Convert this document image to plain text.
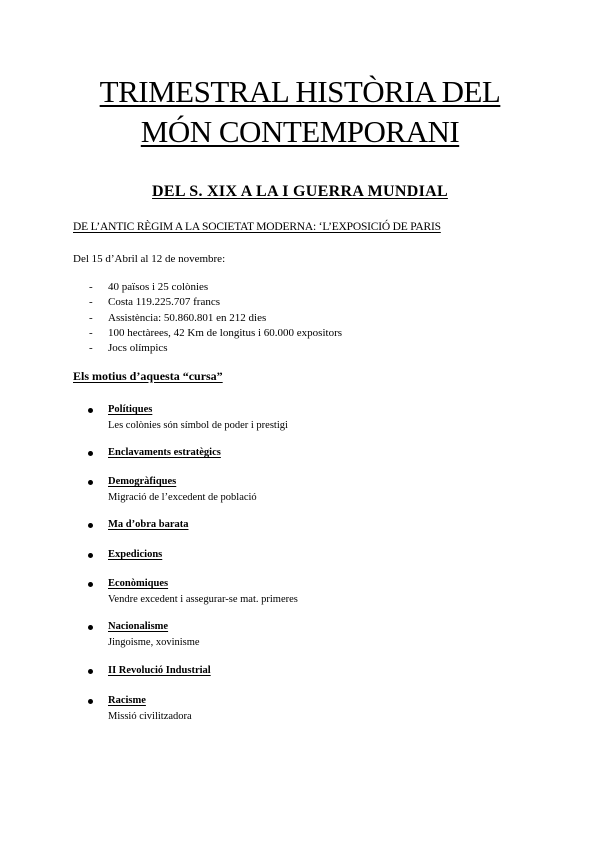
TRIMESTRAL HISTÒRIA DEL
MÓN CONTEMPORANI
DEL S. XIX A LA I GUERRA MUNDIAL
DE L’ANTIC RÈGIM A LA SOCIETAT MODERNA: ‘L’EXPOSICIÓ DE PARIS
Del 15 d’Abril al 12 de novembre:
- 40 països i 25 colònies
- Costa 119.225.707 francs
- Assistència: 50.860.801 en 212 dies
- 100 hectàrees, 42 Km de longitus i 60.000 expositors
- Jocs olímpics
Els motius d’aquesta “cursa”
Polítiques
Les colònies són símbol de poder i prestigi
Enclavaments estratègics
Demogràfiques
Migració de l’excedent de població
Ma d’obra barata
Expedicions
Econòmiques
Vendre excedent i assegurar-se mat. primeres
Nacionalisme
Jingoisme, xovinisme
II Revolució Industrial
Racisme
Missió civilitzadora
